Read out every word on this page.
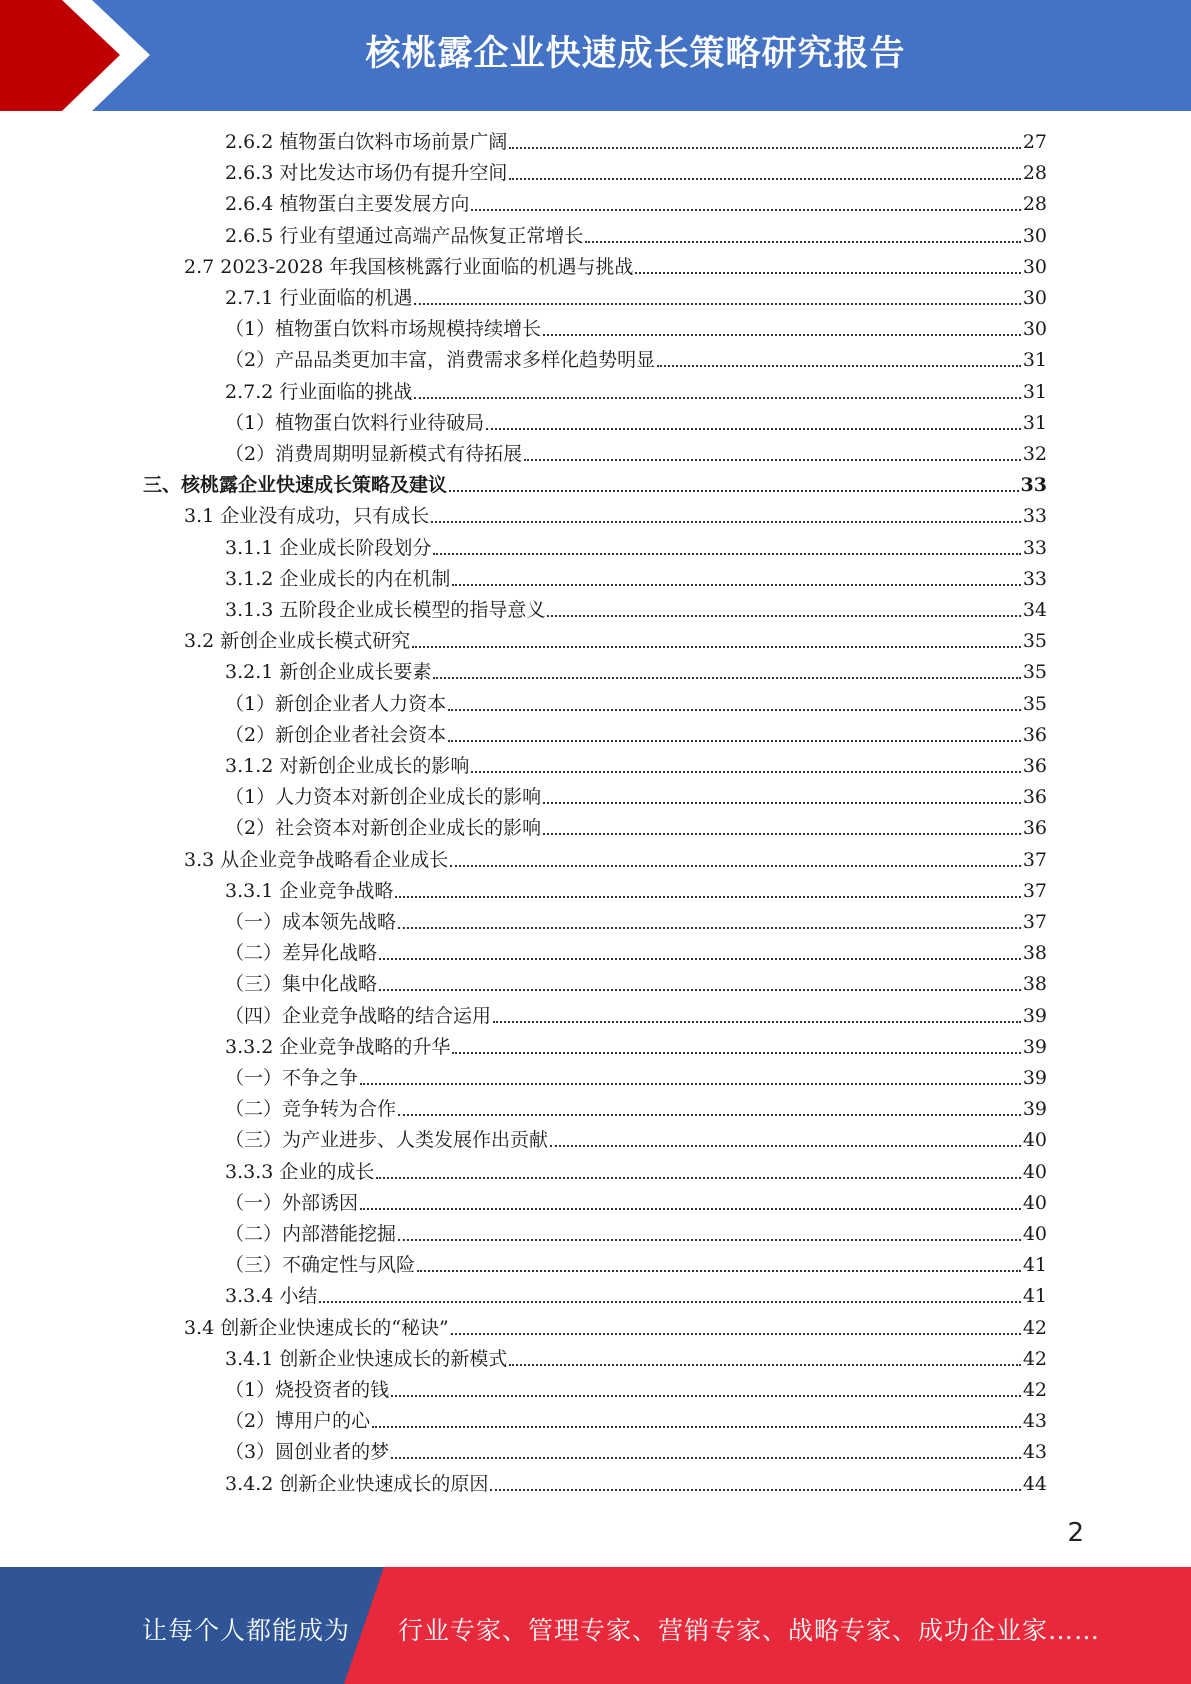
核桃露企业快速成长策略研究报告
2.6.2 植物蛋白饮料市场前景广阔	27
2.6.3 对比发达市场仍有提升空间	28
2.6.4 植物蛋白主要发展方向	28
2.6.5 行业有望通过高端产品恢复正常增长	30
2.7 2023-2028 年我国核桃露行业面临的机遇与挑战	30
2.7.1 行业面临的机遇	30
（1）植物蛋白饮料市场规模持续增长	30
（2）产品品类更加丰富，消费需求多样化趋势明显	31
2.7.2 行业面临的挑战	31
（1）植物蛋白饮料行业待破局	31
（2）消费周期明显新模式有待拓展	32
三、核桃露企业快速成长策略及建议	33
3.1 企业没有成功，只有成长	33
3.1.1 企业成长阶段划分	33
3.1.2 企业成长的内在机制	33
3.1.3 五阶段企业成长模型的指导意义	34
3.2 新创企业成长模式研究	35
3.2.1 新创企业成长要素	35
（1）新创企业者人力资本	35
（2）新创企业者社会资本	36
3.1.2 对新创企业成长的影响	36
（1）人力资本对新创企业成长的影响	36
（2）社会资本对新创企业成长的影响	36
3.3 从企业竞争战略看企业成长	37
3.3.1 企业竞争战略	37
（一）成本领先战略	37
（二）差异化战略	38
（三）集中化战略	38
（四）企业竞争战略的结合运用	39
3.3.2 企业竞争战略的升华	39
（一）不争之争	39
（二）竞争转为合作	39
（三）为产业进步、人类发展作出贡献	40
3.3.3 企业的成长	40
（一）外部诱因	40
（二）内部潜能挖掘	40
（三）不确定性与风险	41
3.3.4 小结	41
3.4 创新企业快速成长的“秘诀”	42
3.4.1 创新企业快速成长的新模式	42
（1）烧投资者的钱	42
（2）博用户的心	43
（3）圆创业者的梦	43
3.4.2 创新企业快速成长的原因	44
2
让每个人都能成为 行业专家、管理专家、营销专家、战略专家、成功企业家……
